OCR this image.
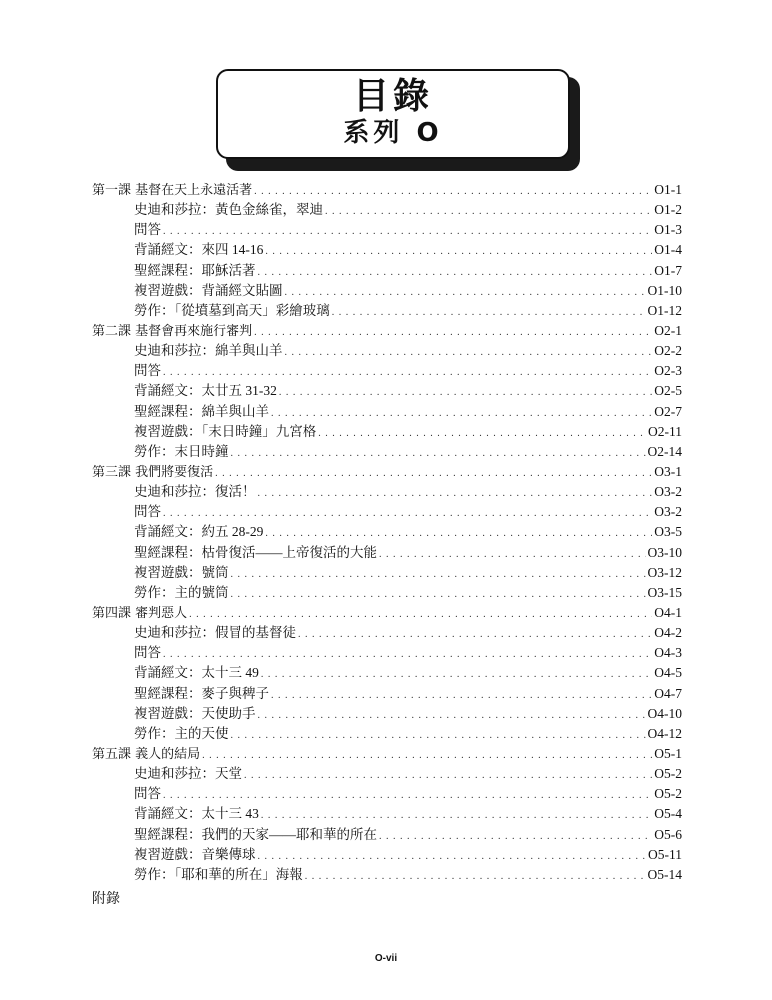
目錄
系列 O
第一課 基督在天上永遠活著 . . .	O1-1
史迪和莎拉：黃色金絲雀，翠迪 . . .	O1-2
問答 . . .	O1-3
背誦經文：來四 14-16 . . .	O1-4
聖經課程：耶穌活著 . . .	O1-7
複習遊戲：背誦經文貼圖 . . .	O1-10
勞作：「從墳墓到高天」彩繪玻璃 . . .	O1-12
第二課 基督會再來施行審判 . . .	O2-1
史迪和莎拉：綿羊與山羊 . . .	O2-2
問答 . . .	O2-3
背誦經文：太廿五 31-32 . . .	O2-5
聖經課程：綿羊與山羊 . . .	O2-7
複習遊戲：「末日時鐘」九宮格 . . .	O2-11
勞作：末日時鐘 . . .	O2-14
第三課 我們將要復活 . . .	O3-1
史迪和莎拉：復活！ . . .	O3-2
問答 . . .	O3-2
背誦經文：約五 28-29 . . .	O3-5
聖經課程：枯骨復活——上帝復活的大能 . . .	O3-10
複習遊戲：號筒 . . .	O3-12
勞作：主的號筒 . . .	O3-15
第四課 審判惡人 . . .	O4-1
史迪和莎拉：假冒的基督徒 . . .	O4-2
問答 . . .	O4-3
背誦經文：太十三 49 . . .	O4-5
聖經課程：麥子與稗子 . . .	O4-7
複習遊戲：天使助手 . . .	O4-10
勞作：主的天使 . . .	O4-12
第五課 義人的結局 . . .	O5-1
史迪和莎拉：天堂 . . .	O5-2
問答 . . .	O5-2
背誦經文：太十三 43 . . .	O5-4
聖經課程：我們的天家——耶和華的所在 . . .	O5-6
複習遊戲：音樂傳球 . . .	O5-11
勞作：「耶和華的所在」海報 . . .	O5-14
附錄
O-vii
